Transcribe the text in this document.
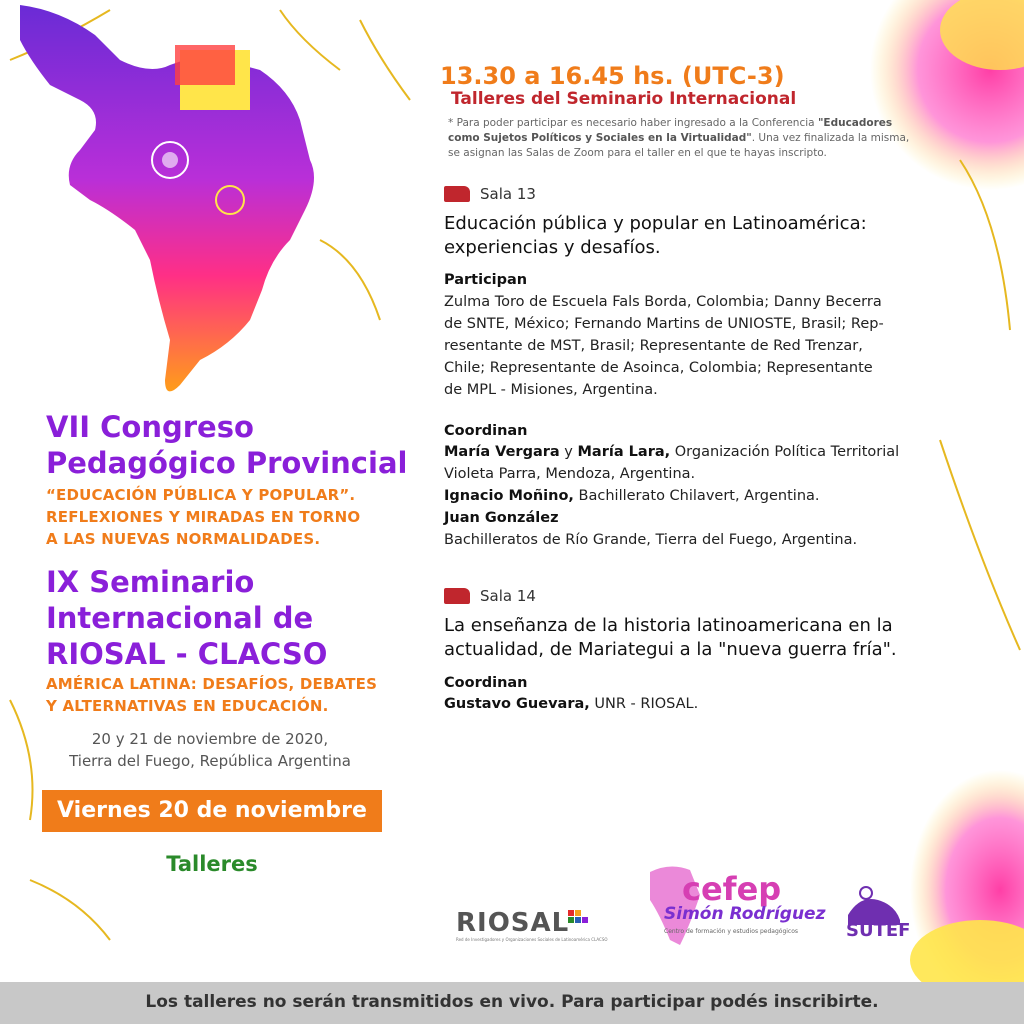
VII Congreso
Pedagógico Provincial
“EDUCACIÓN PÚBLICA Y POPULAR”.
REFLEXIONES Y MIRADAS EN TORNO
A LAS NUEVAS NORMALIDADES.
IX Seminario
Internacional de
RIOSAL - CLACSO
AMÉRICA LATINA: DESAFÍOS, DEBATES
Y ALTERNATIVAS EN EDUCACIÓN.
20 y 21 de noviembre de 2020,
Tierra del Fuego, República Argentina
Viernes 20 de noviembre
Talleres
13.30 a 16.45 hs. (UTC-3)
Talleres del Seminario Internacional
* Para poder participar es necesario haber ingresado a la Conferencia "Educadores como Sujetos Políticos y Sociales en la Virtualidad". Una vez finalizada la misma, se asignan las Salas de Zoom para el taller en el que te hayas inscripto.
Sala 13
Educación pública y popular en Latinoamérica:
experiencias y desafíos.
Participan
Zulma Toro de Escuela Fals Borda, Colombia; Danny Becerra
de SNTE, México; Fernando Martins de UNIOSTE, Brasil; Rep-
resentante de MST, Brasil; Representante de Red Trenzar,
Chile; Representante de Asoinca, Colombia; Representante
de MPL - Misiones, Argentina.
Coordinan
María Vergara y María Lara, Organización Política Territorial
Violeta Parra, Mendoza, Argentina.
Ignacio Moñino, Bachillerato Chilavert, Argentina.
Juan González
Bachilleratos de Río Grande, Tierra del Fuego, Argentina.
Sala 14
La enseñanza de la historia latinoamericana en la
actualidad, de Mariategui a la "nueva guerra fría".
Coordinan
Gustavo Guevara, UNR - RIOSAL.
RIOSAL
Red de Investigadores y Organizaciones Sociales de Latinoamérica CLACSO
cefep
Simón Rodríguez
Centro de formación y estudios pedagógicos	SUTEF
Los talleres no serán transmitidos en vivo. Para participar podés inscribirte.
